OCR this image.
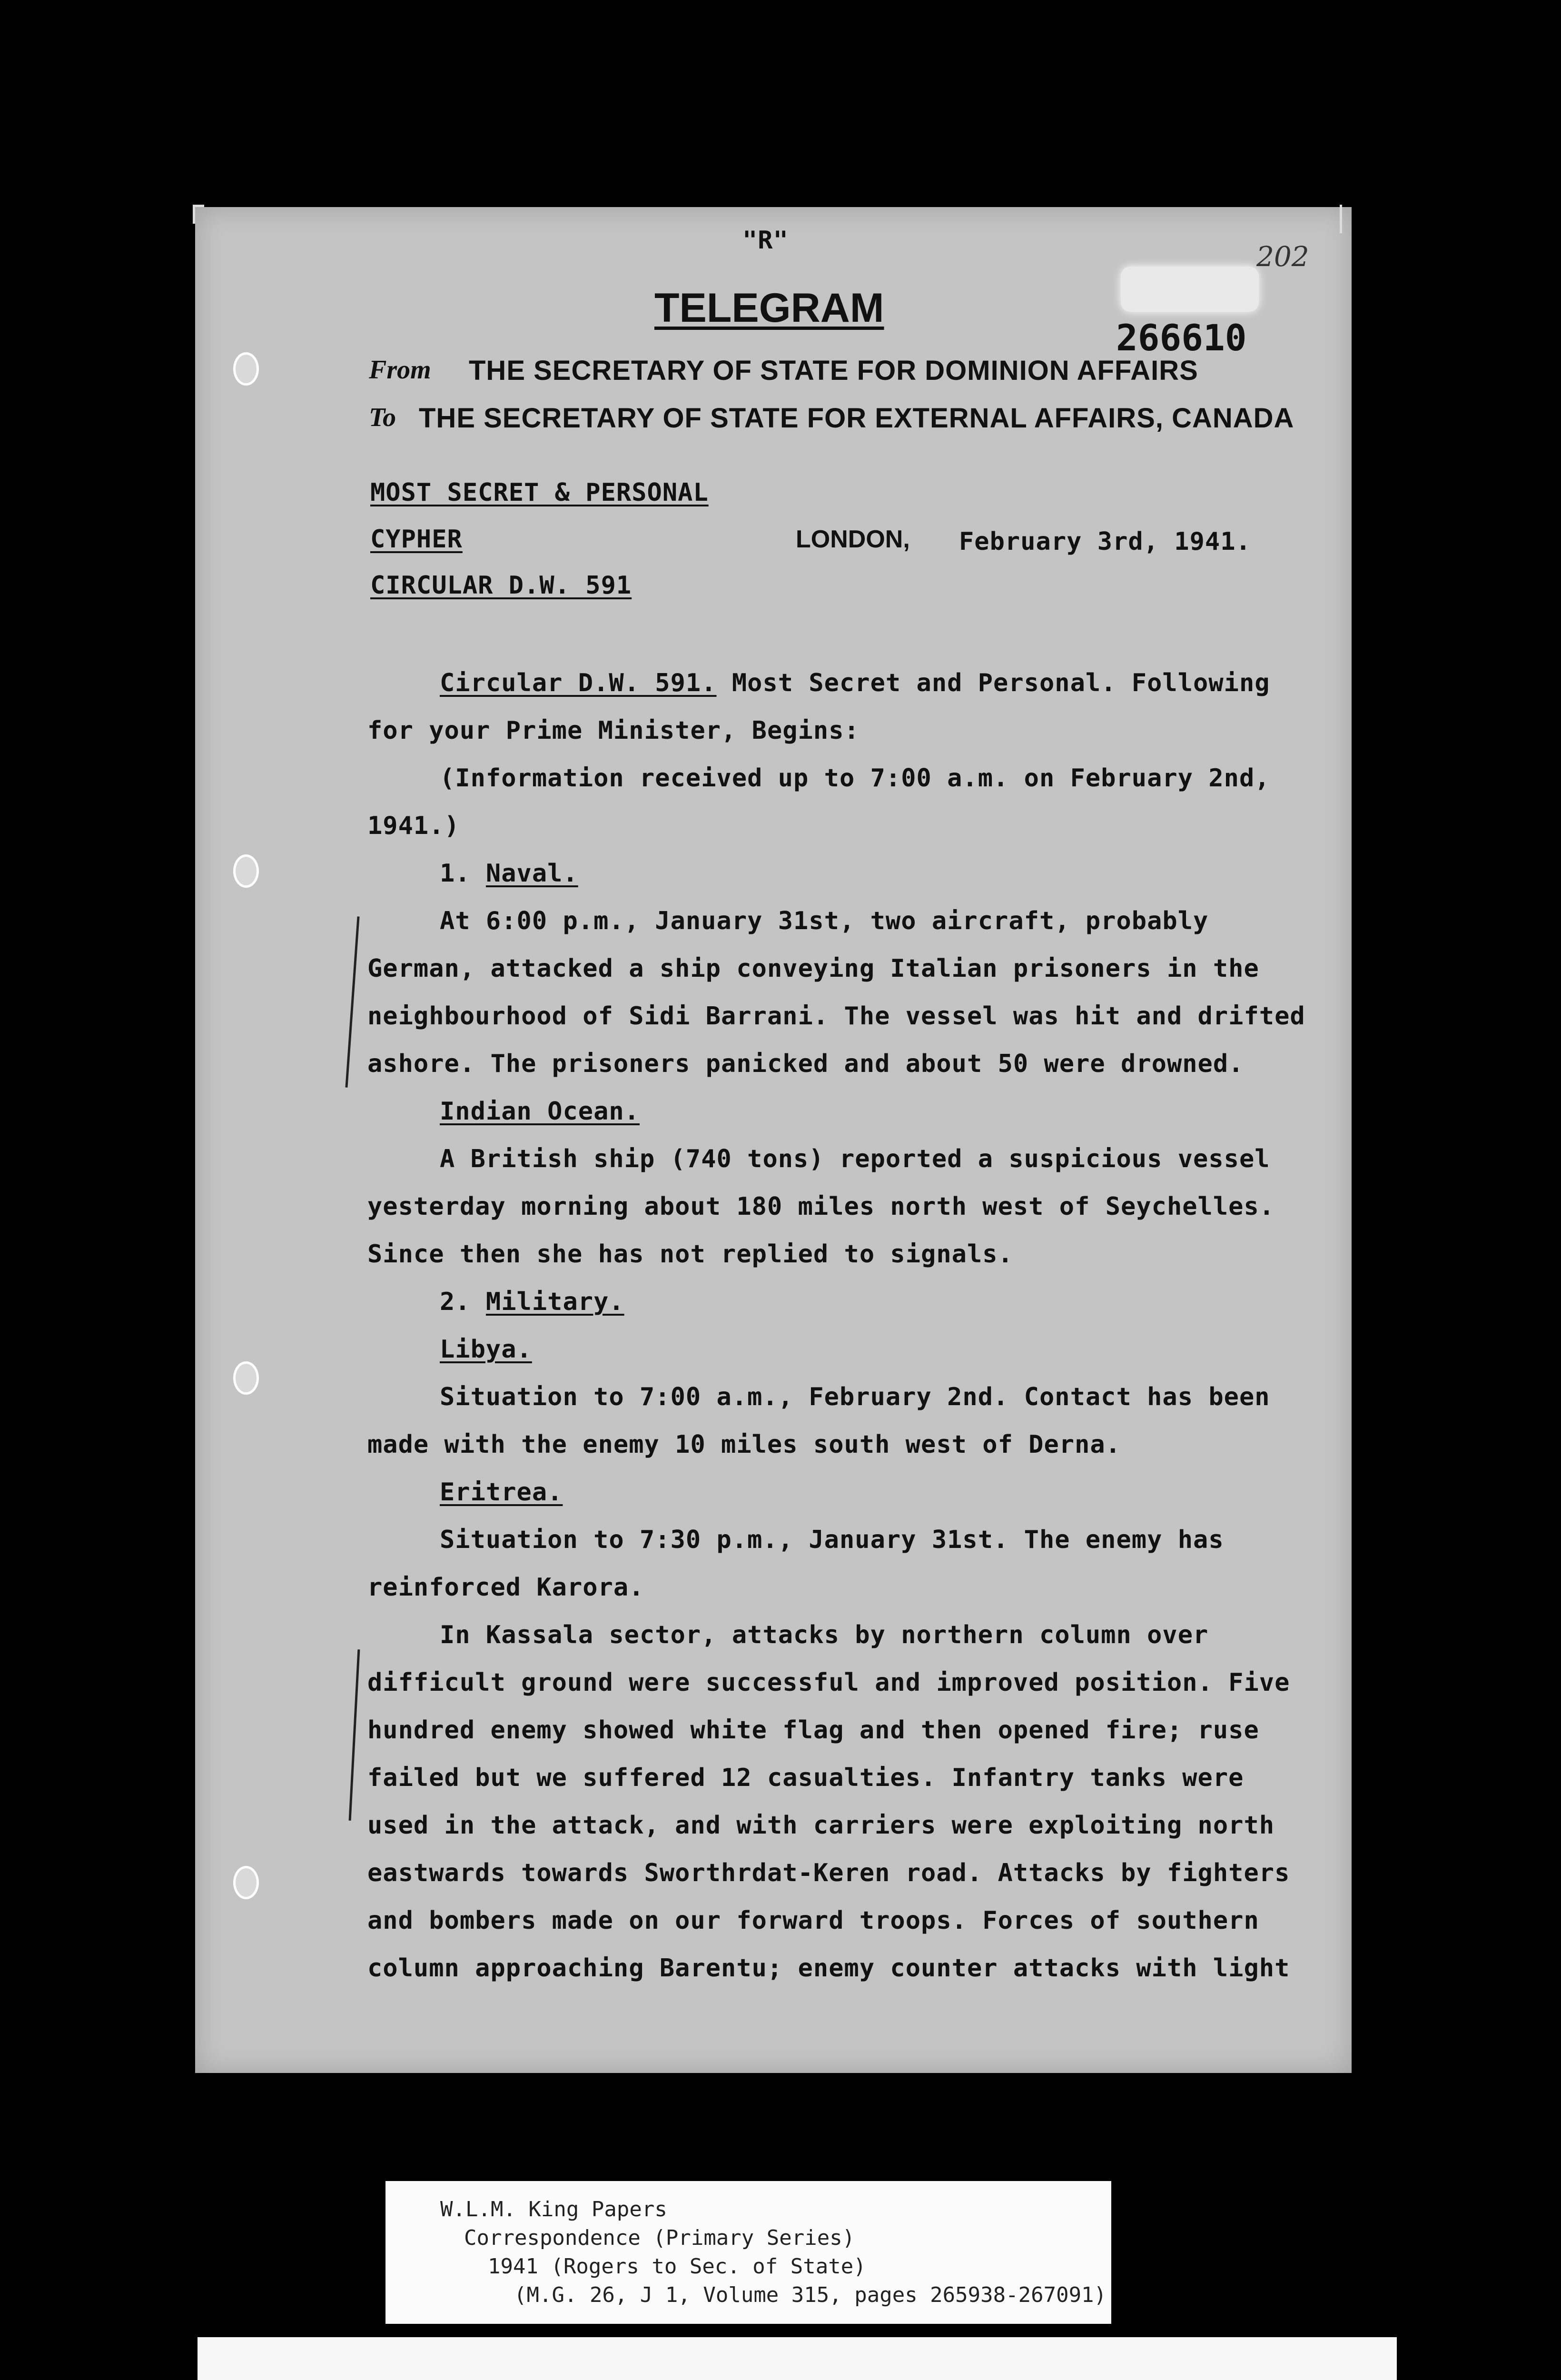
"R"
TELEGRAM
202
266610
From THE SECRETARY OF STATE FOR DOMINION AFFAIRS
To THE SECRETARY OF STATE FOR EXTERNAL AFFAIRS, CANADA
MOST SECRET & PERSONAL
CYPHER
CIRCULAR D.W. 591
LONDON, February 3rd, 1941.
Circular D.W. 591. Most Secret and Personal. Following
for your Prime Minister, Begins:
(Information received up to 7:00 a.m. on February 2nd,
1941.)
1. Naval.
At 6:00 p.m., January 31st, two aircraft, probably
German, attacked a ship conveying Italian prisoners in the
neighbourhood of Sidi Barrani. The vessel was hit and drifted
ashore. The prisoners panicked and about 50 were drowned.
Indian Ocean.
A British ship (740 tons) reported a suspicious vessel
yesterday morning about 180 miles north west of Seychelles.
Since then she has not replied to signals.
2. Military.
Libya.
Situation to 7:00 a.m., February 2nd. Contact has been
made with the enemy 10 miles south west of Derna.
Eritrea.
Situation to 7:30 p.m., January 31st. The enemy has
reinforced Karora.
In Kassala sector, attacks by northern column over
difficult ground were successful and improved position. Five
hundred enemy showed white flag and then opened fire; ruse
failed but we suffered 12 casualties. Infantry tanks were
used in the attack, and with carriers were exploiting north
eastwards towards Sworthrdat-Keren road. Attacks by fighters
and bombers made on our forward troops. Forces of southern
column approaching Barentu; enemy counter attacks with light
W.L.M. King Papers
Correspondence (Primary Series)
1941 (Rogers to Sec. of State)
(M.G. 26, J 1, Volume 315, pages 265938-267091)
